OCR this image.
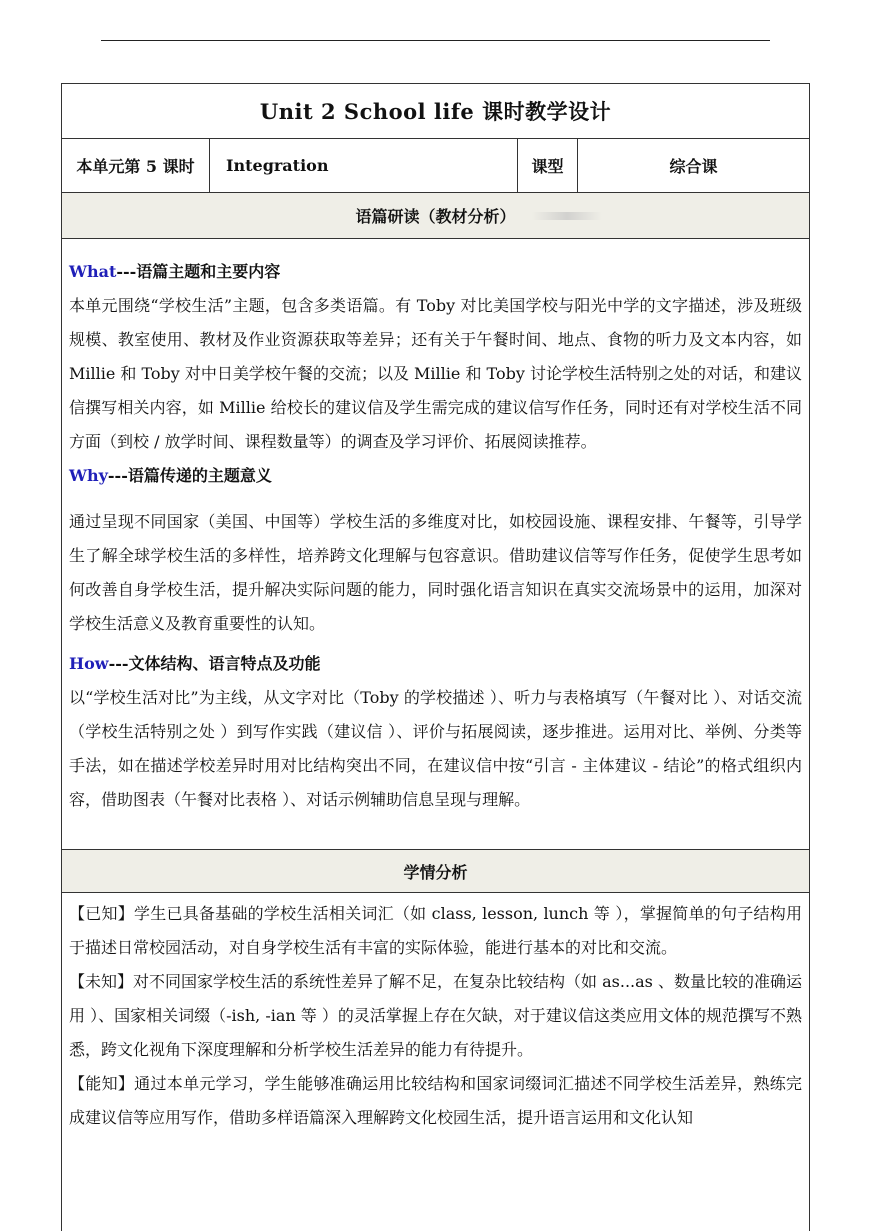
Unit 2 School life 课时教学设计
本单元第 5 课时	Integration	课型	综合课
语篇研读（教材分析）

What---语篇主题和主要内容

本单元围绕“学校生活”主题，包含多类语篇。有 Toby 对比美国学校与阳光中学的文字描述，涉及班级规模、教室使用、教材及作业资源获取等差异；还有关于午餐时间、地点、食物的听力及文本内容，如 Millie 和 Toby 对中日美学校午餐的交流；以及 Millie 和 Toby 讨论学校生活特别之处的对话，和建议信撰写相关内容，如 Millie 给校长的建议信及学生需完成的建议信写作任务，同时还有对学校生活不同方面（到校 / 放学时间、课程数量等）的调查及学习评价、拓展阅读推荐。

Why---语篇传递的主题意义

通过呈现不同国家（美国、中国等）学校生活的多维度对比，如校园设施、课程安排、午餐等，引导学生了解全球学校生活的多样性，培养跨文化理解与包容意识。借助建议信等写作任务，促使学生思考如何改善自身学校生活，提升解决实际问题的能力，同时强化语言知识在真实交流场景中的运用，加深对学校生活意义及教育重要性的认知。

How---文体结构、语言特点及功能

以“学校生活对比”为主线，从文字对比（Toby 的学校描述 ）、听力与表格填写（午餐对比 ）、对话交流（学校生活特别之处 ）到写作实践（建议信 ）、评价与拓展阅读，逐步推进。运用对比、举例、分类等手法，如在描述学校差异时用对比结构突出不同，在建议信中按“引言 - 主体建议 - 结论”的格式组织内容，借助图表（午餐对比表格 ）、对话示例辅助信息呈现与理解。

学情分析

【已知】学生已具备基础的学校生活相关词汇（如 class, lesson, lunch 等 ），掌握简单的句子结构用于描述日常校园活动，对自身学校生活有丰富的实际体验，能进行基本的对比和交流。

【未知】对不同国家学校生活的系统性差异了解不足，在复杂比较结构（如 as...as 、数量比较的准确运用 ）、国家相关词缀（-ish, -ian 等 ）的灵活掌握上存在欠缺，对于建议信这类应用文体的规范撰写不熟悉，跨文化视角下深度理解和分析学校生活差异的能力有待提升。

【能知】通过本单元学习，学生能够准确运用比较结构和国家词缀词汇描述不同学校生活差异，熟练完成建议信等应用写作，借助多样语篇深入理解跨文化校园生活，提升语言运用和文化认知
